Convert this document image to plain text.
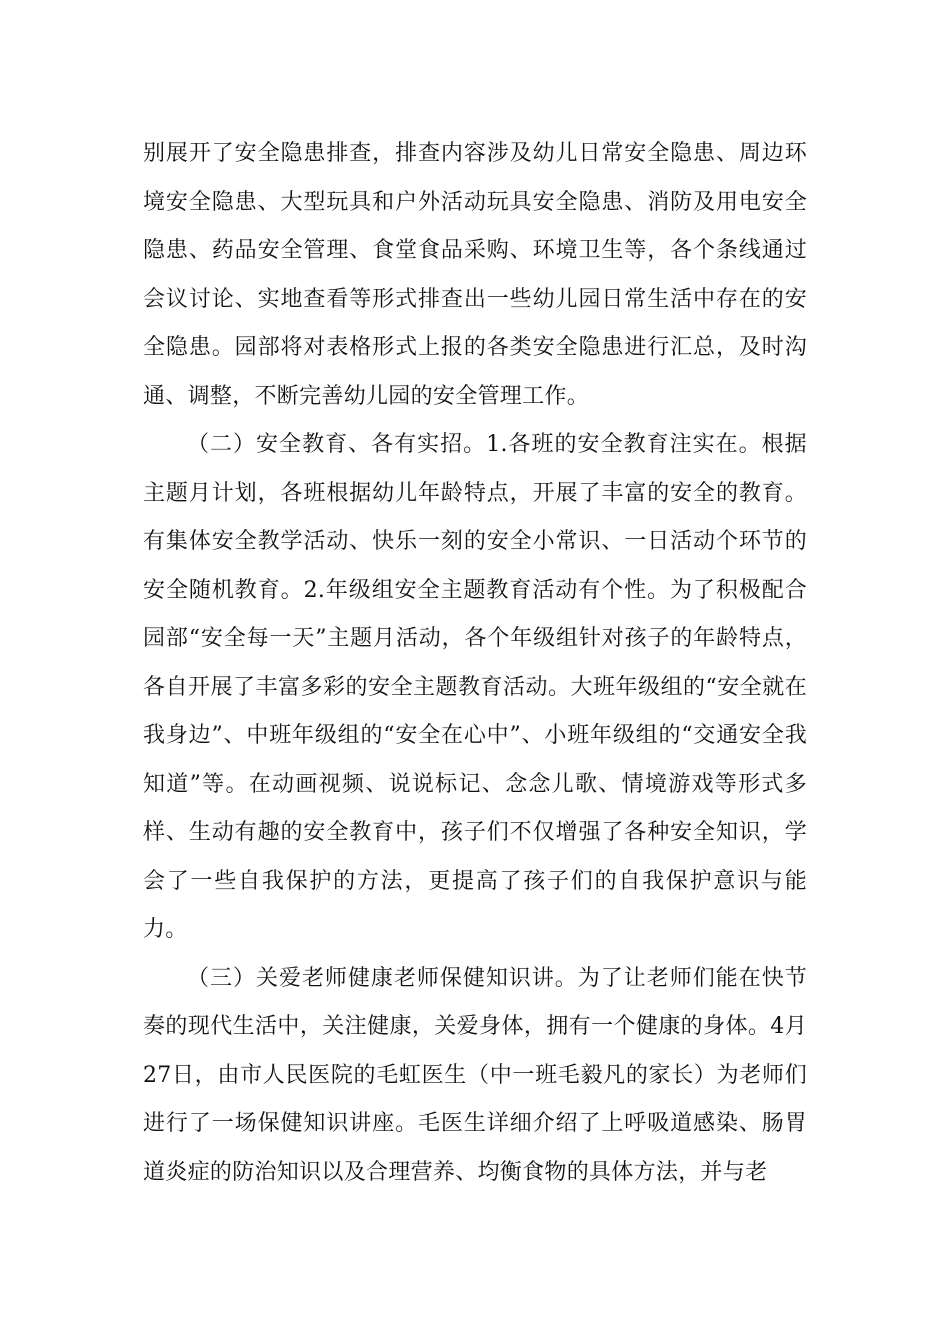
别展开了安全隐患排查，排查内容涉及幼儿日常安全隐患、周边环境安全隐患、大型玩具和户外活动玩具安全隐患、消防及用电安全隐患、药品安全管理、食堂食品采购、环境卫生等，各个条线通过会议讨论、实地查看等形式排查出一些幼儿园日常生活中存在的安全隐患。园部将对表格形式上报的各类安全隐患进行汇总，及时沟通、调整，不断完善幼儿园的安全管理工作。

（二）安全教育、各有实招。1.各班的安全教育注实在。根据主题月计划，各班根据幼儿年龄特点，开展了丰富的安全的教育。有集体安全教学活动、快乐一刻的安全小常识、一日活动个环节的安全随机教育。2.年级组安全主题教育活动有个性。为了积极配合园部“安全每一天”主题月活动，各个年级组针对孩子的年龄特点，各自开展了丰富多彩的安全主题教育活动。大班年级组的“安全就在我身边”、中班年级组的“安全在心中”、小班年级组的“交通安全我知道”等。在动画视频、说说标记、念念儿歌、情境游戏等形式多样、生动有趣的安全教育中，孩子们不仅增强了各种安全知识，学会了一些自我保护的方法，更提高了孩子们的自我保护意识与能力。

（三）关爱老师健康老师保健知识讲。为了让老师们能在快节奏的现代生活中，关注健康，关爱身体，拥有一个健康的身体。4月27日，由市人民医院的毛虹医生（中一班毛毅凡的家长）为老师们进行了一场保健知识讲座。毛医生详细介绍了上呼吸道感染、肠胃道炎症的防治知识以及合理营养、均衡食物的具体方法，并与老
